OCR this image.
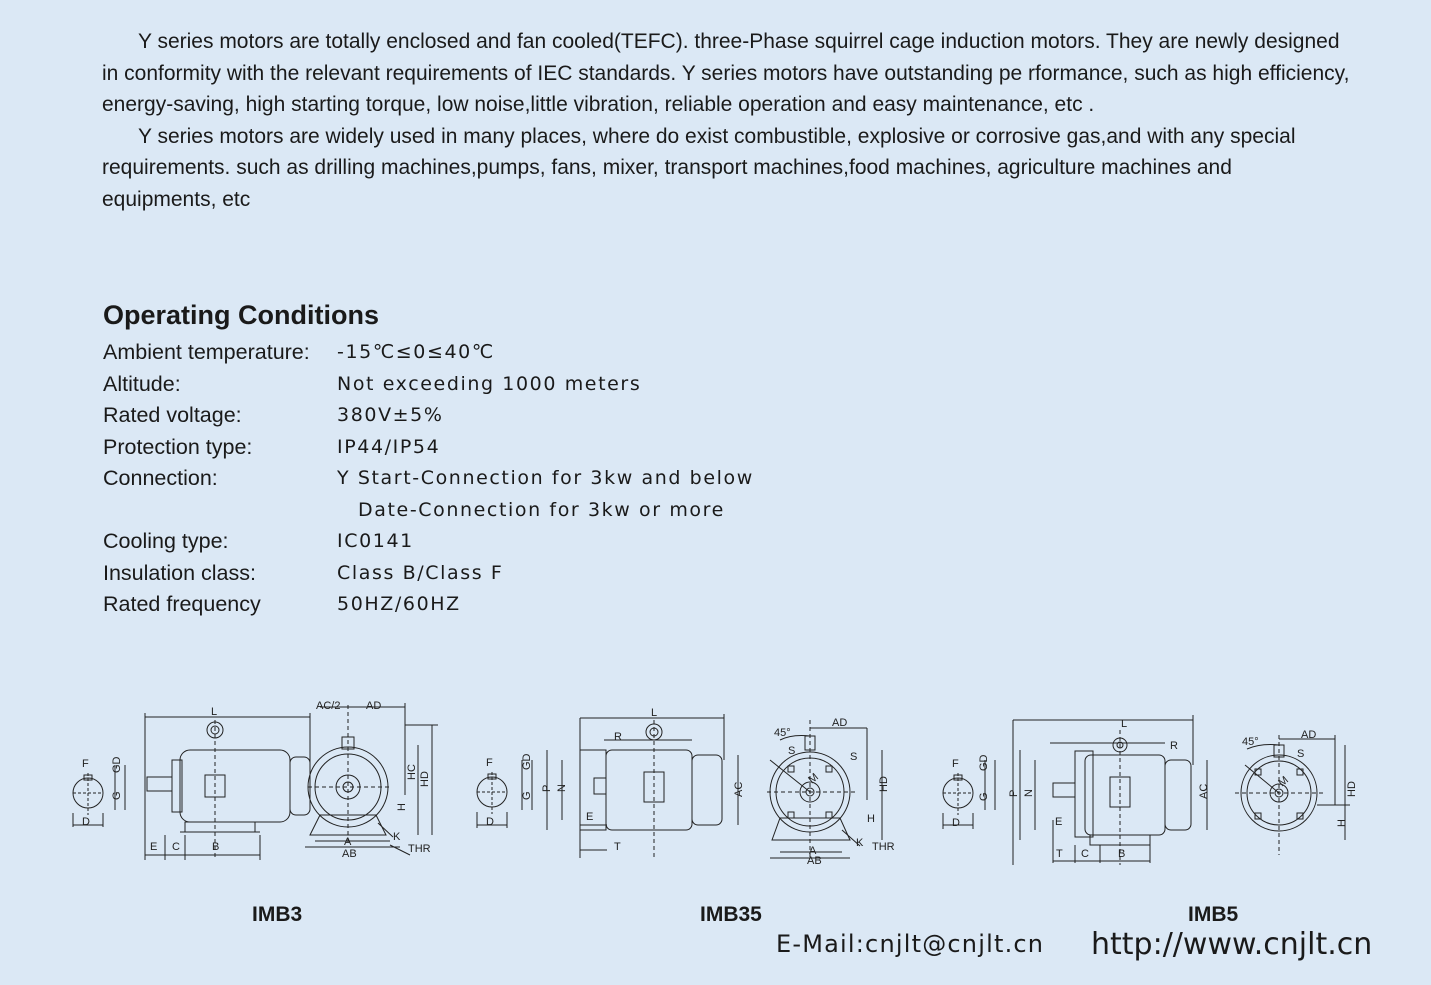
Y series motors are totally enclosed and fan cooled(TEFC). three-Phase squirrel cage induction motors. They are newly designed in conformity with the relevant requirements of IEC standards. Y series motors have outstanding pe rformance, such as high efficiency, energy-saving, high starting torque, low noise,little vibration, reliable operation and easy maintenance, etc .

Y series motors are widely used in many places, where do exist combustible, explosive or corrosive gas,and with any special requirements. such as drilling machines,pumps, fans, mixer, transport machines,food machines, agriculture machines and equipments, etc

Operating Conditions
Ambient temperature: -15℃≤0≤40℃
Altitude:	Not exceeding 1000 meters
Rated voltage:	380V±5%
Protection type:	IP44/IP54
Connection:	Y Start-Connection for 3kw and below
Date-Connection for 3kw or more
Cooling type:	IC0141
Insulation class:	Class B/Class F
Rated frequency	50HZ/60HZ
F GD
G
D
L
E C	B
AC/2 AD
HC HD
H
A
AB
K
THR
IMB3
F	GD
G
D
L
R
P N
E
T
AC
45°
S
M
AD
S
HD
H
A
AB
K THR
IMB35
F GD
G
D
L
R
P N
E
T C	B
AC
45°
S
M
AD
HD
H
IMB5
E-Mail:cnjlt@cnjlt.cn http://www.cnjlt.cn
